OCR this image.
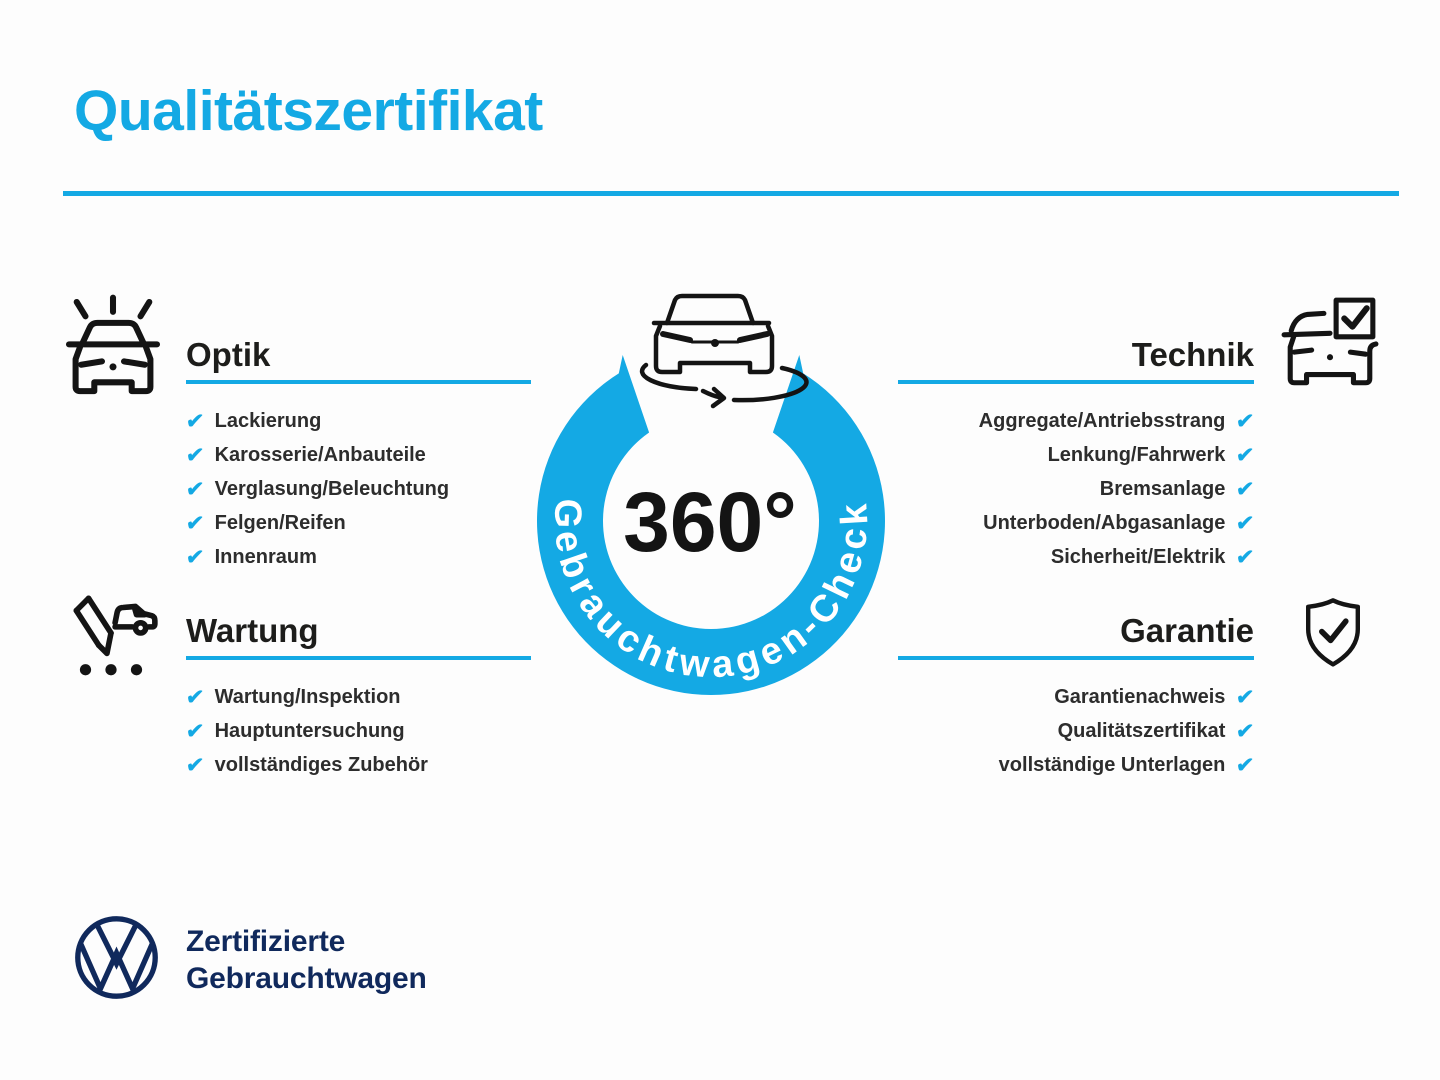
Qualitätszertifikat
Optik
✔ Lackierung
✔ Karosserie/Anbauteile
✔ Verglasung/Beleuchtung
✔ Felgen/Reifen
✔ Innenraum
Wartung
✔ Wartung/Inspektion
✔ Hauptuntersuchung
✔ vollständiges Zubehör
Technik
✔
Aggregate/Antriebsstrang
✔
Lenkung/Fahrwerk
✔
Bremsanlage
✔
Unterboden/Abgasanlage
✔
Sicherheit/Elektrik
Garantie
✔
Garantienachweis
✔
Qualitätszertifikat
✔
vollständige Unterlagen
Gebrauchtwagen-Check
360°
Zertifizierte
Gebrauchtwagen
